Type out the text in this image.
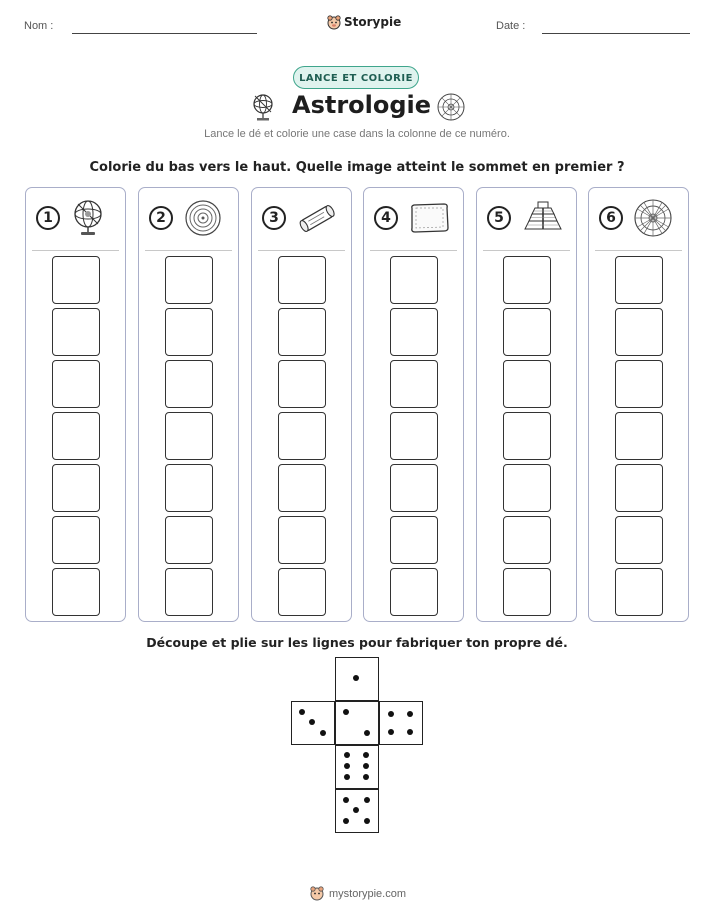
Nom :	Storypie	Date :
LANCE ET COLORIE
Astrologie
Lance le dé et colorie une case dans la colonne de ce numéro.
Colorie du bas vers le haut. Quelle image atteint le sommet en premier ?
1	2	3	4	5	6
Découpe et plie sur les lignes pour fabriquer ton propre dé.
mystorypie.com
